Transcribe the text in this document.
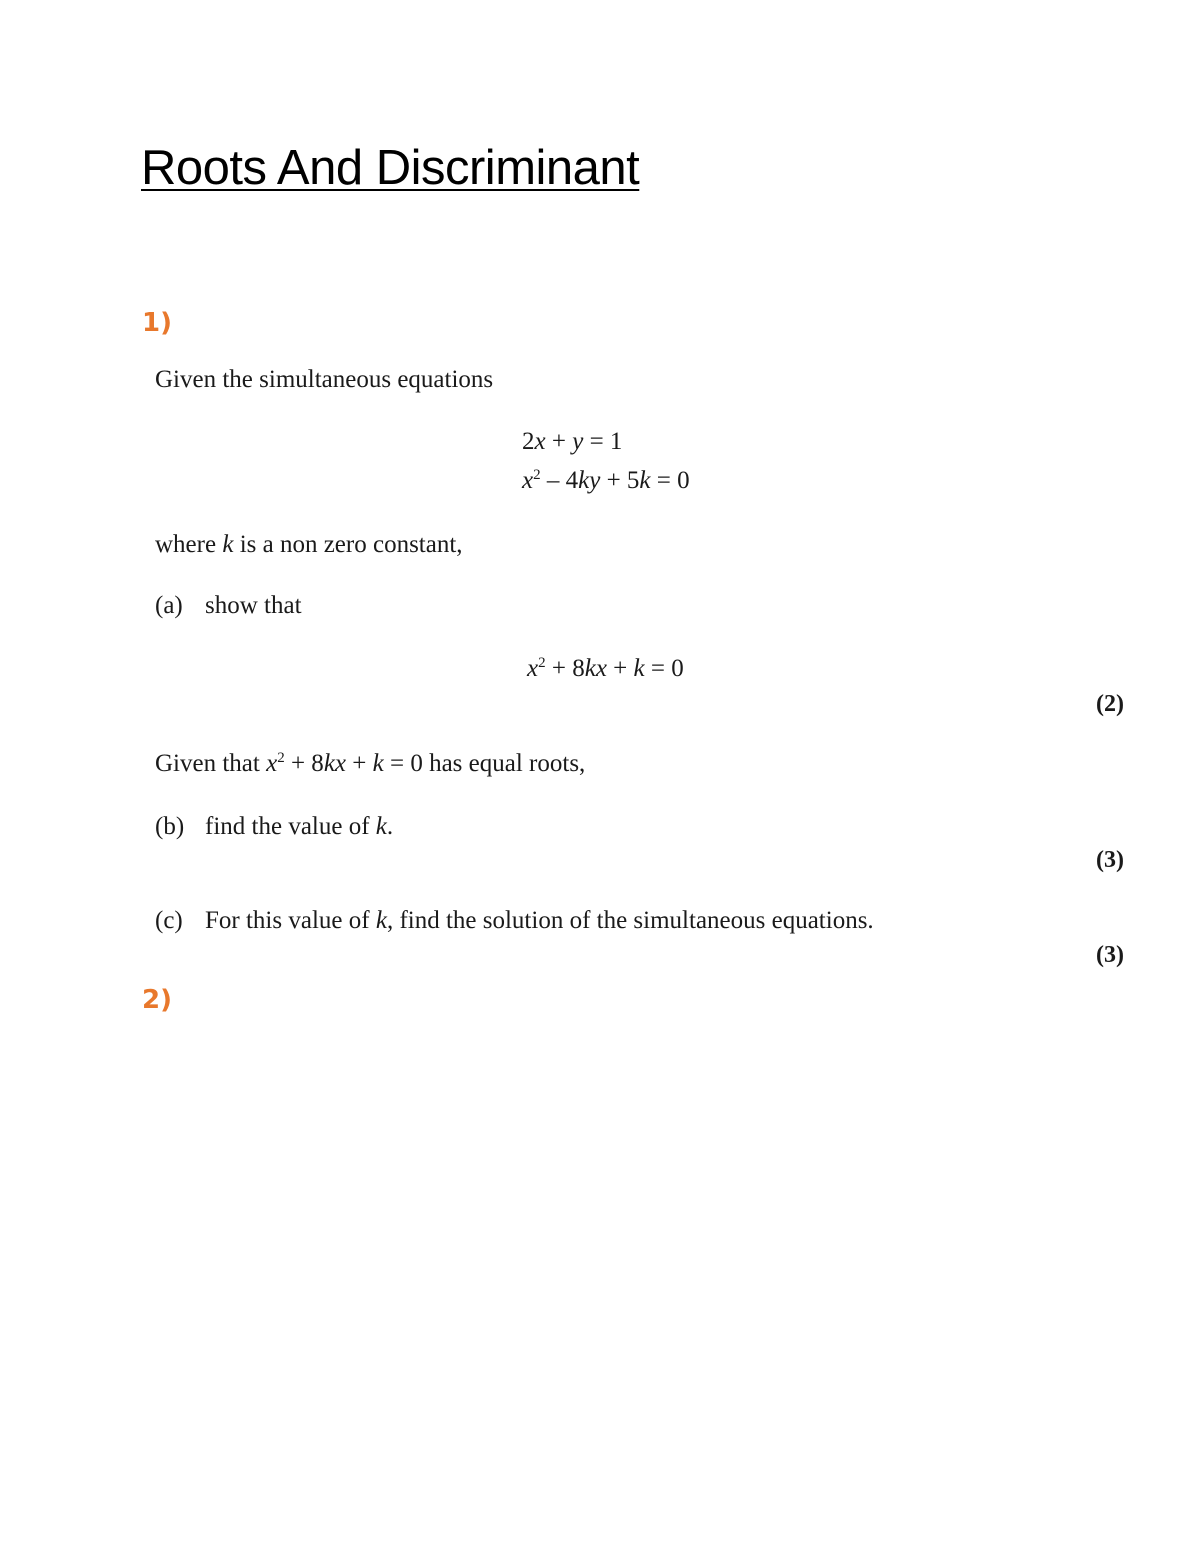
Roots And Discriminant
1)
Given the simultaneous equations
2x + y = 1
$x^2 - 4ky + 5k = 0$
where k is a non zero constant,
(a) show that
$x^2 + 8kx + k = 0$
(2)
Given that $x^2 + 8kx + k = 0$ has equal roots,
(b) find the value of k.
(3)
(c) For this value of k, find the solution of the simultaneous equations.
(3)
2)
